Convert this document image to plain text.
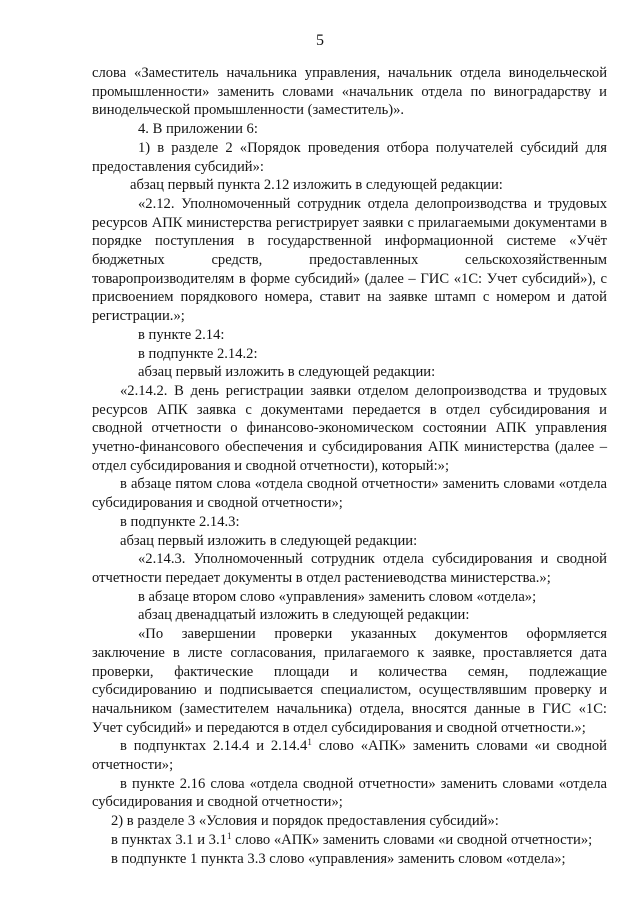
5

слова «Заместитель начальника управления, начальник отдела винодельческой промышленности» заменить словами «начальник отдела по виноградарству и винодельческой промышленности (заместитель)».

4. В приложении 6:

1) в разделе 2 «Порядок проведения отбора получателей субсидий для предоставления субсидий»:

абзац первый пункта 2.12 изложить в следующей редакции:

«2.12. Уполномоченный сотрудник отдела делопроизводства и трудовых ресурсов АПК министерства регистрирует заявки с прилагаемыми документами в порядке поступления в государственной информационной системе «Учёт бюджетных средств, предоставленных сельскохозяйственным товаропроизводителям в форме субсидий» (далее – ГИС «1С: Учет субсидий»), с присвоением порядкового номера, ставит на заявке штамп с номером и датой регистрации.»;

в пункте 2.14:

в подпункте 2.14.2:

абзац первый изложить в следующей редакции:

«2.14.2. В день регистрации заявки отделом делопроизводства и трудовых ресурсов АПК заявка с документами передается в отдел субсидирования и сводной отчетности о финансово-экономическом состоянии АПК управления учетно-финансового обеспечения и субсидирования АПК министерства (далее – отдел субсидирования и сводной отчетности), который:»;

в абзаце пятом слова «отдела сводной отчетности» заменить словами «отдела субсидирования и сводной отчетности»;

в подпункте 2.14.3:

абзац первый изложить в следующей редакции:

«2.14.3. Уполномоченный сотрудник отдела субсидирования и сводной отчетности передает документы в отдел растениеводства министерства.»;

в абзаце втором слово «управления» заменить словом «отдела»;

абзац двенадцатый изложить в следующей редакции:

«По завершении проверки указанных документов оформляется заключение в листе согласования, прилагаемого к заявке, проставляется дата проверки, фактические площади и количества семян, подлежащие субсидированию и подписывается специалистом, осуществлявшим проверку и начальником (заместителем начальника) отдела, вносятся данные в ГИС «1С: Учет субсидий» и передаются в отдел субсидирования и сводной отчетности.»;

в подпунктах 2.14.4 и 2.14.4$^1$ слово «АПК» заменить словами «и сводной отчетности»;

в пункте 2.16 слова «отдела сводной отчетности» заменить словами «отдела субсидирования и сводной отчетности»;

2) в разделе 3 «Условия и порядок предоставления субсидий»:

в пунктах 3.1 и $3.1^1$ слово «АПК» заменить словами «и сводной отчетности»;

в подпункте 1 пункта 3.3 слово «управления» заменить словом «отдела»;
